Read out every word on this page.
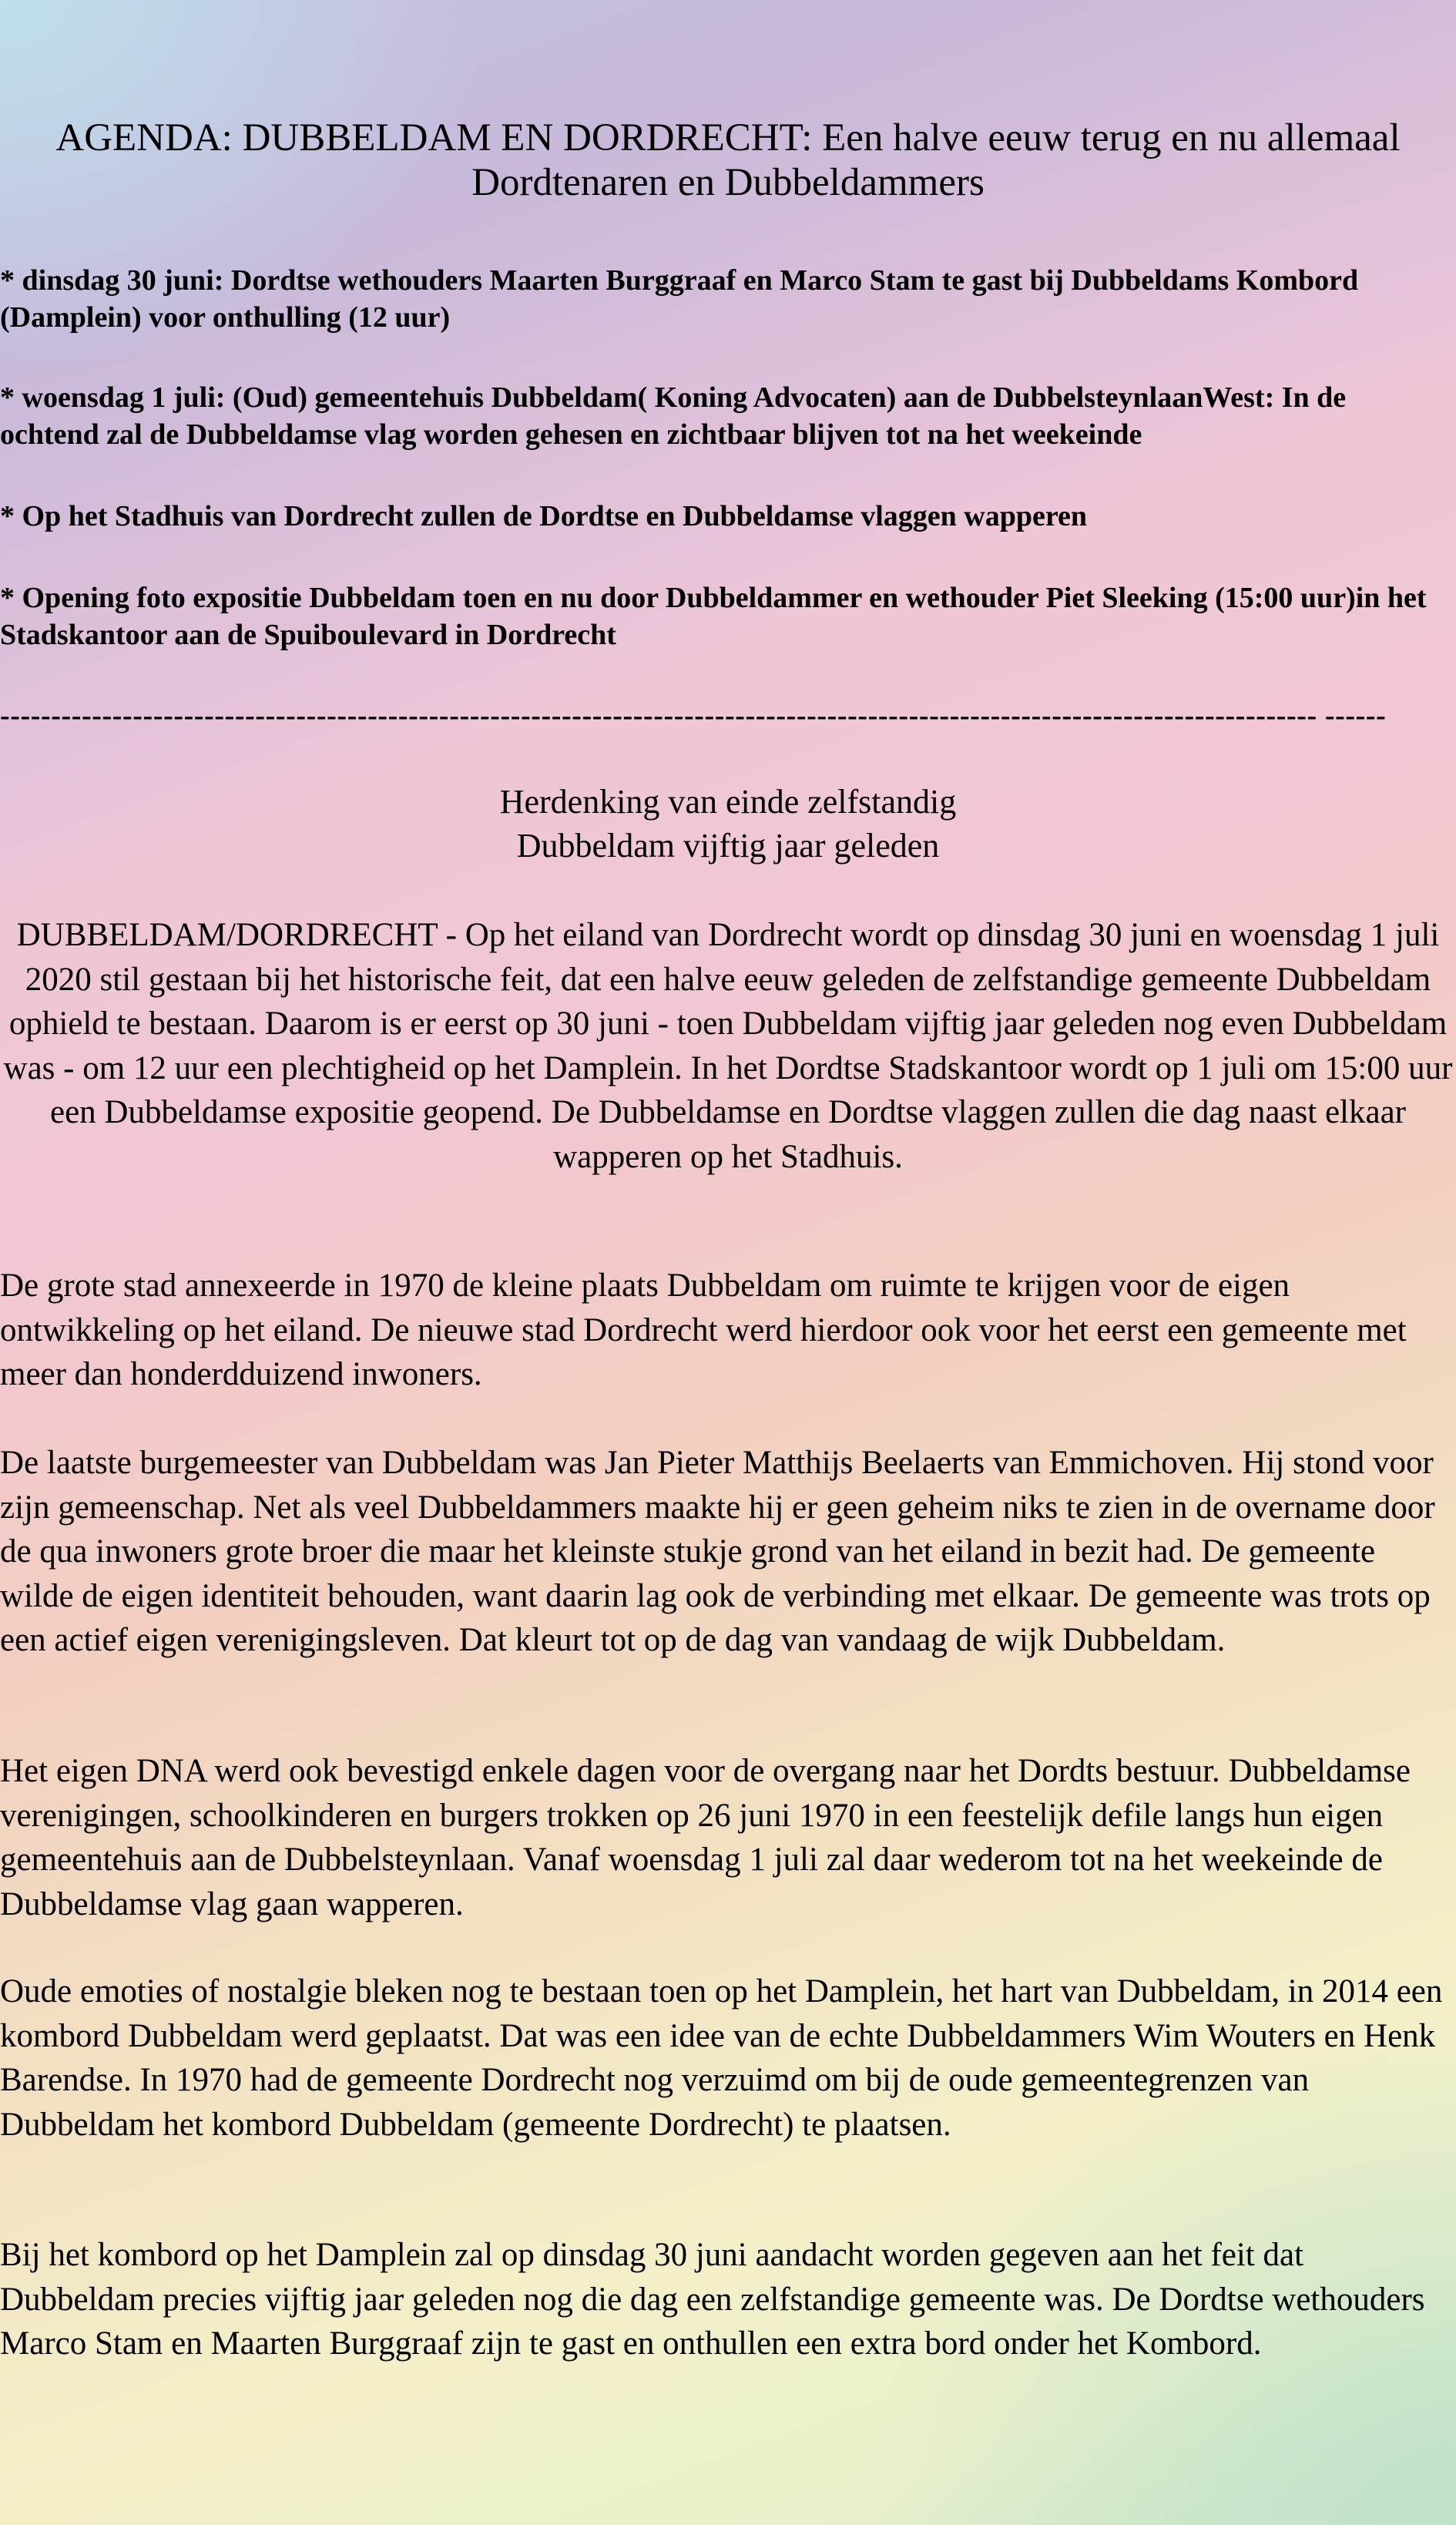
AGENDA: DUBBELDAM EN DORDRECHT: Een halve eeuw terug en nu allemaal Dordtenaren en Dubbeldammers

* dinsdag 30 juni: Dordtse wethouders Maarten Burggraaf en Marco Stam te gast bij Dubbeldams Kombord (Damplein) voor onthulling (12 uur)

* woensdag 1 juli: (Oud) gemeentehuis Dubbeldam( Koning Advocaten) aan de DubbelsteynlaanWest: In de ochtend zal de Dubbeldamse vlag worden gehesen en zichtbaar blijven tot na het weekeinde

* Op het Stadhuis van Dordrecht zullen de Dordtse en Dubbeldamse vlaggen wapperen

* Opening foto expositie Dubbeldam toen en nu door Dubbeldammer en wethouder Piet Sleeking (15:00 uur)in het Stadskantoor aan de Spuiboulevard in Dordrecht

--------------------------------------------------------------------------------------------------------------------------------- ------

Herdenking van einde zelfstandig
Dubbeldam vijftig jaar geleden

DUBBELDAM/DORDRECHT - Op het eiland van Dordrecht wordt op dinsdag 30 juni en woensdag 1 juli 2020 stil gestaan bij het historische feit, dat een halve eeuw geleden de zelfstandige gemeente Dubbeldam ophield te bestaan. Daarom is er eerst op 30 juni - toen Dubbeldam vijftig jaar geleden nog even Dubbeldam was - om 12 uur een plechtigheid op het Damplein. In het Dordtse Stadskantoor wordt op 1 juli om 15:00 uur een Dubbeldamse expositie geopend. De Dubbeldamse en Dordtse vlaggen zullen die dag naast elkaar wapperen op het Stadhuis.

De grote stad annexeerde in 1970 de kleine plaats Dubbeldam om ruimte te krijgen voor de eigen ontwikkeling op het eiland. De nieuwe stad Dordrecht werd hierdoor ook voor het eerst een gemeente met meer dan honderdduizend inwoners.

De laatste burgemeester van Dubbeldam was Jan Pieter Matthijs Beelaerts van Emmichoven. Hij stond voor zijn gemeenschap. Net als veel Dubbeldammers maakte hij er geen geheim niks te zien in de overname door de qua inwoners grote broer die maar het kleinste stukje grond van het eiland in bezit had. De gemeente wilde de eigen identiteit behouden, want daarin lag ook de verbinding met elkaar. De gemeente was trots op een actief eigen verenigingsleven. Dat kleurt tot op de dag van vandaag de wijk Dubbeldam.

Het eigen DNA werd ook bevestigd enkele dagen voor de overgang naar het Dordts bestuur. Dubbeldamse verenigingen, schoolkinderen en burgers trokken op 26 juni 1970 in een feestelijk defile langs hun eigen gemeentehuis aan de Dubbelsteynlaan. Vanaf woensdag 1 juli zal daar wederom tot na het weekeinde de Dubbeldamse vlag gaan wapperen.

Oude emoties of nostalgie bleken nog te bestaan toen op het Damplein, het hart van Dubbeldam, in 2014 een kombord Dubbeldam werd geplaatst. Dat was een idee van de echte Dubbeldammers Wim Wouters en Henk Barendse. In 1970 had de gemeente Dordrecht nog verzuimd om bij de oude gemeentegrenzen van Dubbeldam het kombord Dubbeldam (gemeente Dordrecht) te plaatsen.

Bij het kombord op het Damplein zal op dinsdag 30 juni aandacht worden gegeven aan het feit dat Dubbeldam precies vijftig jaar geleden nog die dag een zelfstandige gemeente was. De Dordtse wethouders Marco Stam en Maarten Burggraaf zijn te gast en onthullen een extra bord onder het Kombord.
